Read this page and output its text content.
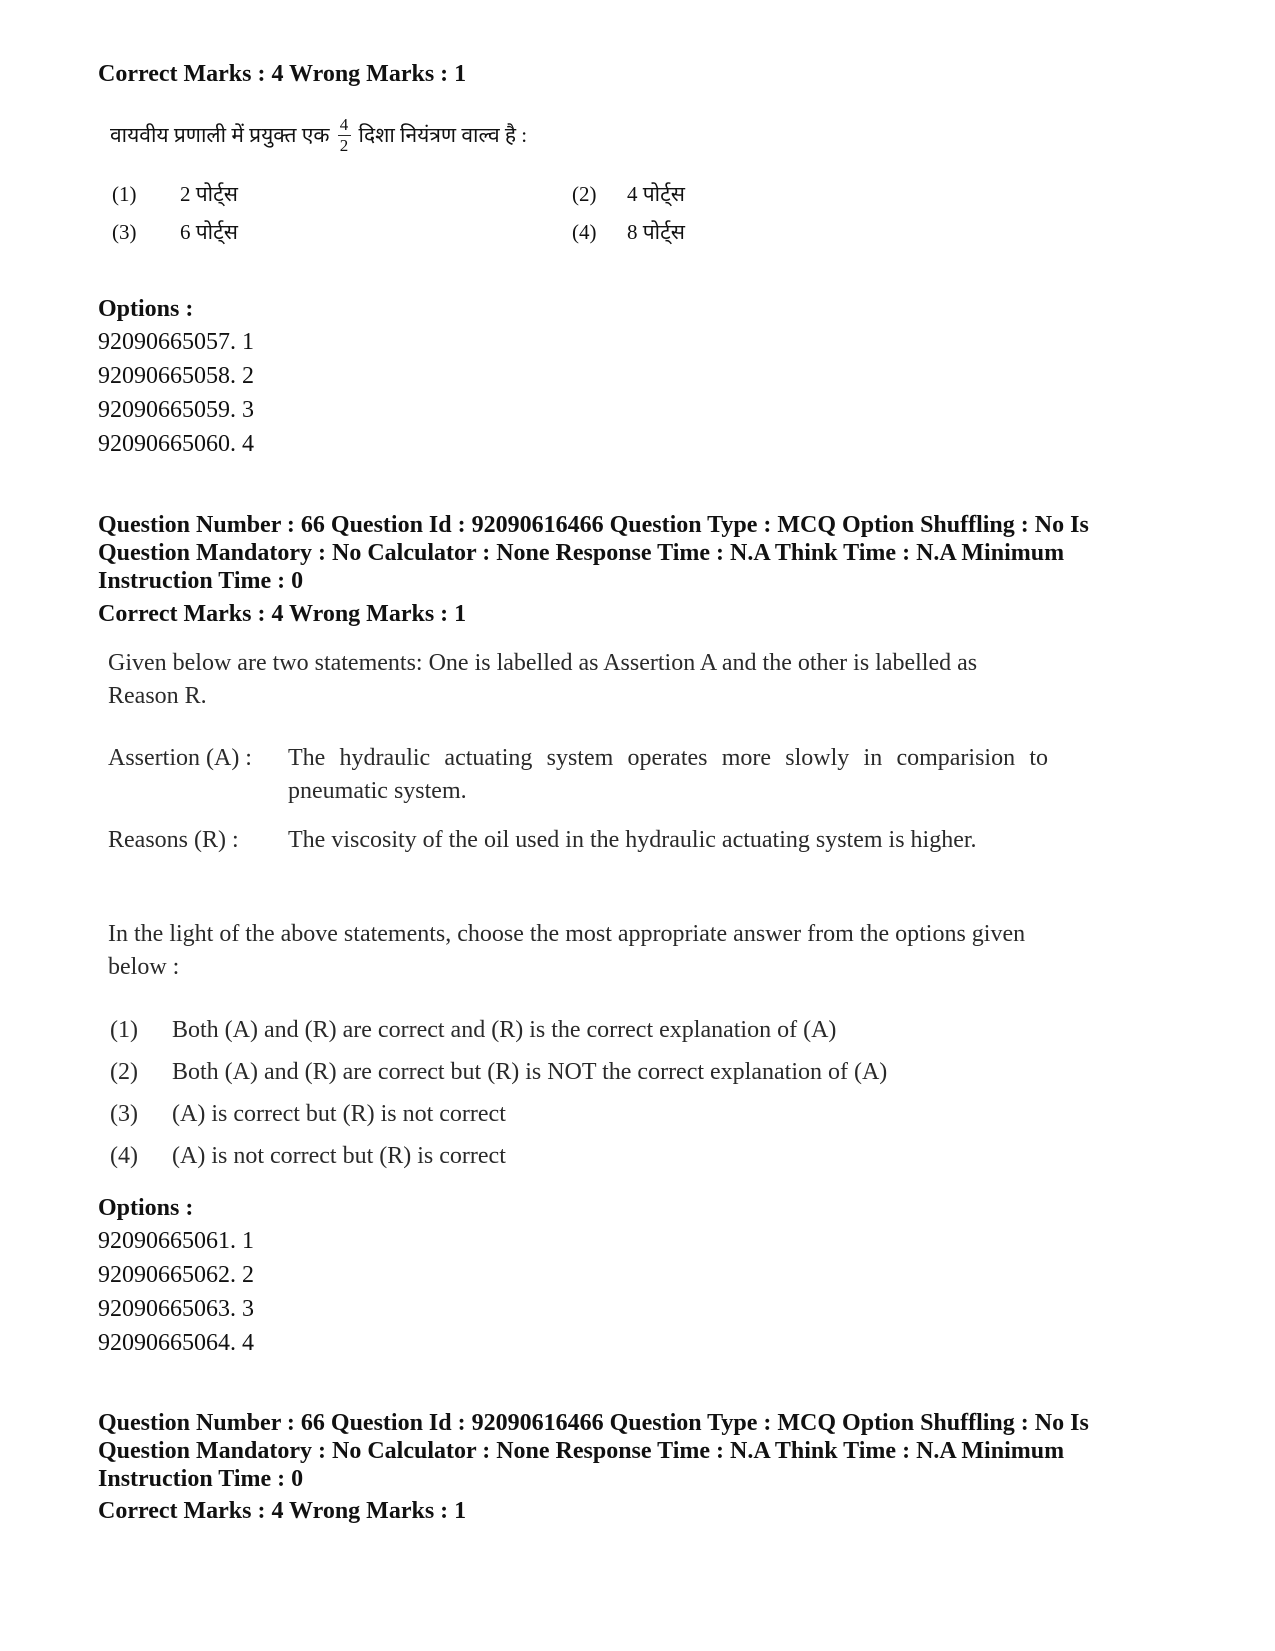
Correct Marks : 4 Wrong Marks : 1
वायवीय प्रणाली में प्रयुक्त एक $\frac{4}{2}$ दिशा नियंत्रण वाल्व है :
(1) 2 पोर्ट्स	(2) 4 पोर्ट्स
(3) 6 पोर्ट्स	(4) 8 पोर्ट्स
Options :
92090665057. 1
92090665058. 2
92090665059. 3
92090665060. 4
Question Number : 66 Question Id : 92090616466 Question Type : MCQ Option Shuffling : No Is
Question Mandatory : No Calculator : None Response Time : N.A Think Time : N.A Minimum
Instruction Time : 0
Correct Marks : 4 Wrong Marks : 1
Given below are two statements: One is labelled as Assertion A and the other is labelled as Reason R.
Assertion (A) :	The hydraulic actuating system operates more slowly in comparision to pneumatic system.
Reasons (R) :	The viscosity of the oil used in the hydraulic actuating system is higher.
In the light of the above statements, choose the most appropriate answer from the options given below :
(1) Both (A) and (R) are correct and (R) is the correct explanation of (A)
(2) Both (A) and (R) are correct but (R) is NOT the correct explanation of (A)
(3) (A) is correct but (R) is not correct
(4) (A) is not correct but (R) is correct
Options :
92090665061. 1
92090665062. 2
92090665063. 3
92090665064. 4
Question Number : 66 Question Id : 92090616466 Question Type : MCQ Option Shuffling : No Is
Question Mandatory : No Calculator : None Response Time : N.A Think Time : N.A Minimum
Instruction Time : 0
Correct Marks : 4 Wrong Marks : 1
